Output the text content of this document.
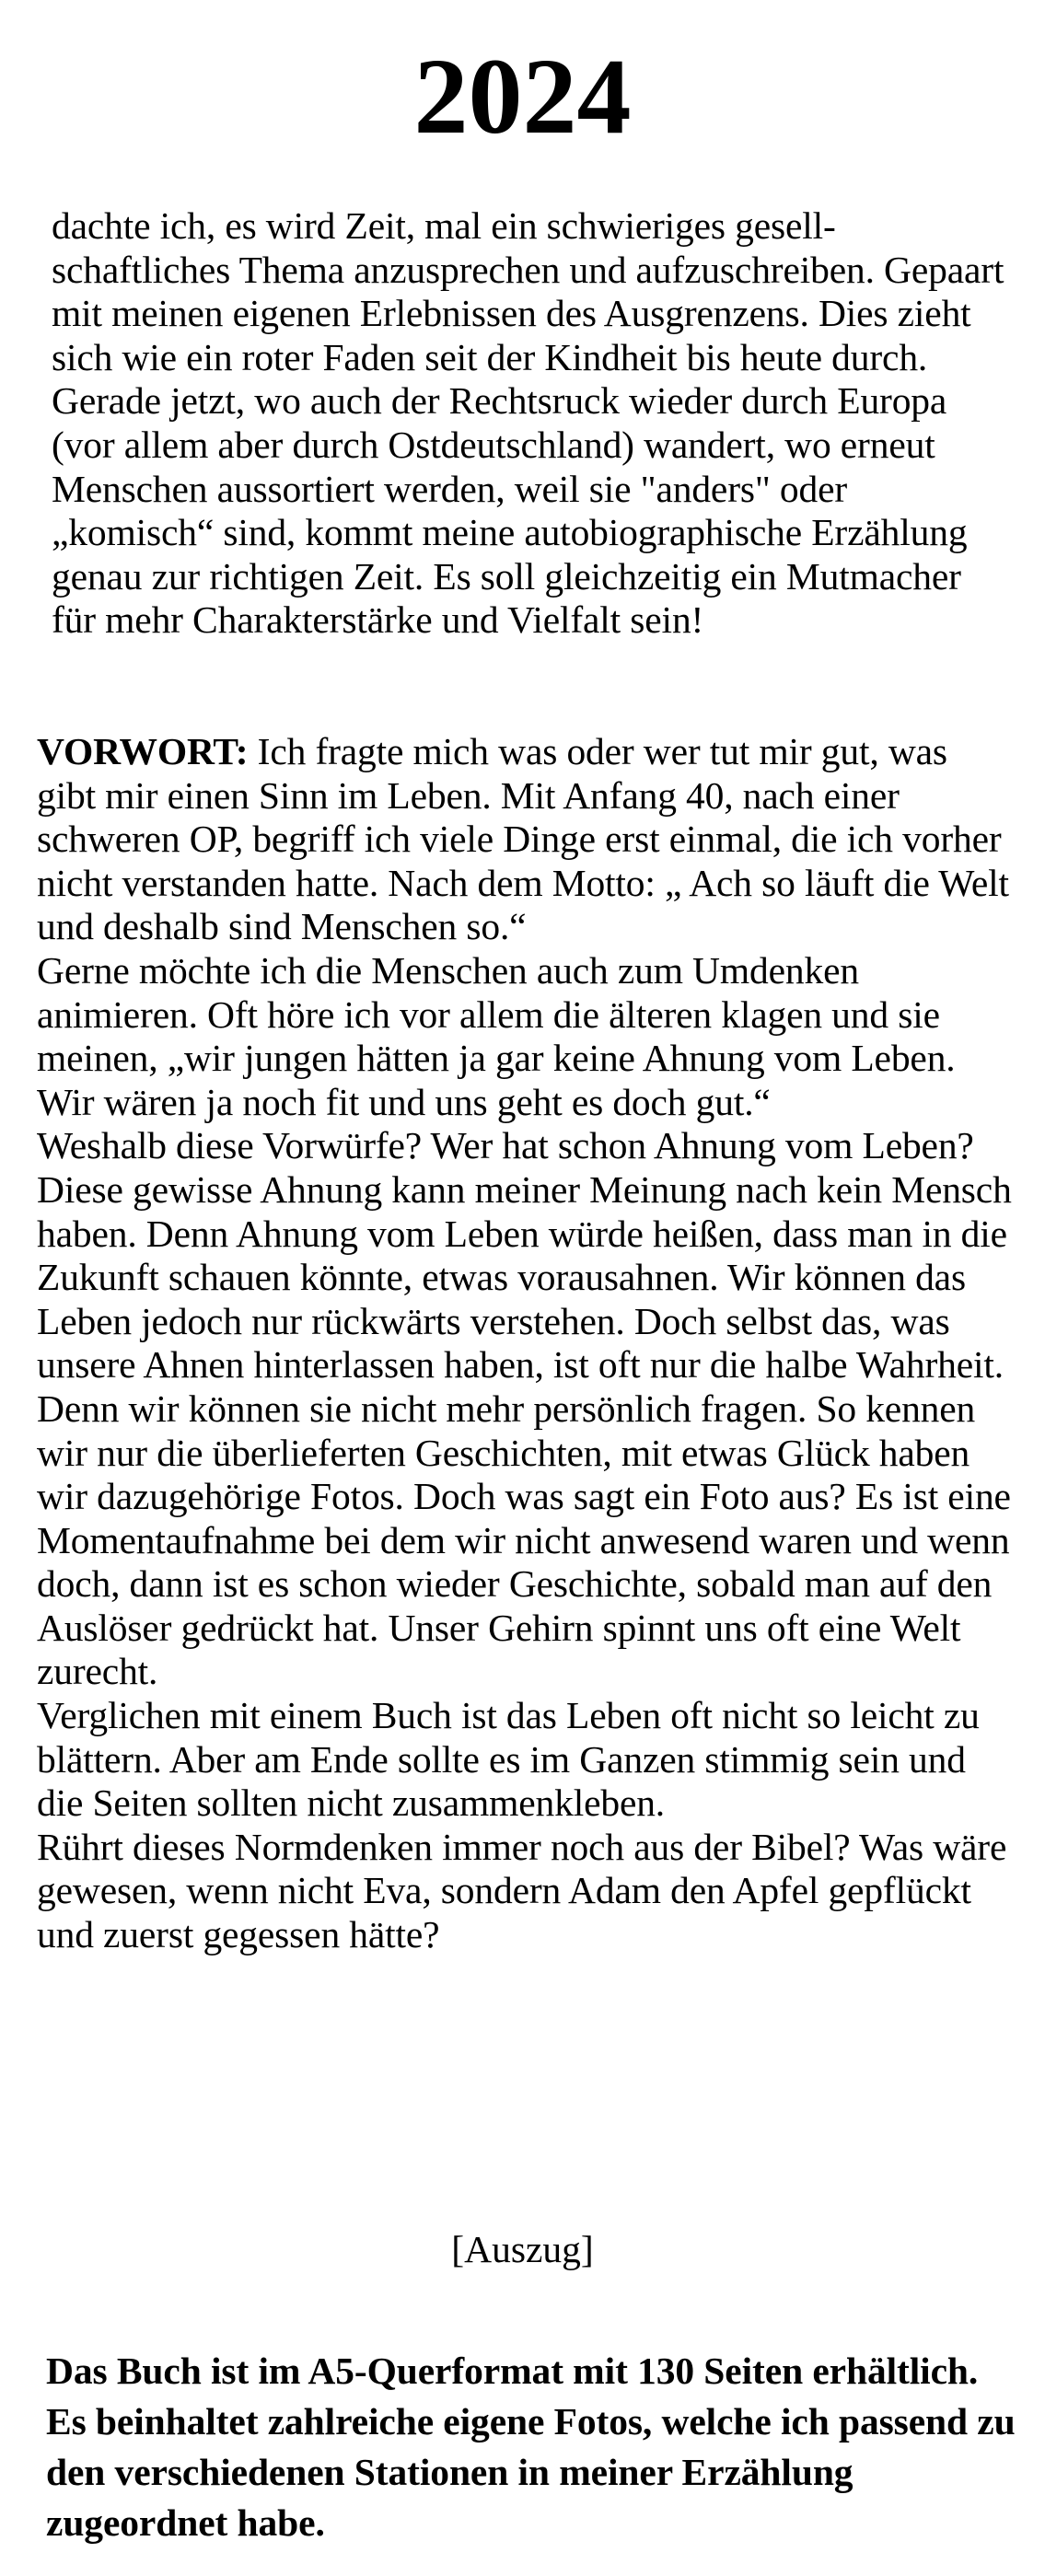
2024

dachte ich, es wird Zeit, mal ein schwieriges gesell-schaftliches Thema anzusprechen und aufzuschreiben. Gepaart mit meinen eigenen Erlebnissen des Ausgrenzens. Dies zieht sich wie ein roter Faden seit der Kindheit bis heute durch. Gerade jetzt, wo auch der Rechtsruck wieder durch Europa (vor allem aber durch Ostdeutschland) wandert, wo erneut Menschen aussortiert werden, weil sie "anders" oder „komisch“ sind, kommt meine autobiographische Erzählung genau zur richtigen Zeit. Es soll gleichzeitig ein Mutmacher für mehr Charakterstärke und Vielfalt sein!

VORWORT: Ich fragte mich was oder wer tut mir gut, was gibt mir einen Sinn im Leben. Mit Anfang 40, nach einer schweren OP, begriff ich viele Dinge erst einmal, die ich vorher nicht verstanden hatte. Nach dem Motto: „ Ach so läuft die Welt und deshalb sind Menschen so.“
Gerne möchte ich die Menschen auch zum Umdenken animieren. Oft höre ich vor allem die älteren klagen und sie meinen, „wir jungen hätten ja gar keine Ahnung vom Leben. Wir wären ja noch fit und uns geht es doch gut.“
Weshalb diese Vorwürfe? Wer hat schon Ahnung vom Leben? Diese gewisse Ahnung kann meiner Meinung nach kein Mensch haben. Denn Ahnung vom Leben würde heißen, dass man in die Zukunft schauen könnte, etwas vorausahnen. Wir können das Leben jedoch nur rückwärts verstehen. Doch selbst das, was unsere Ahnen hinterlassen haben, ist oft nur die halbe Wahrheit. Denn wir können sie nicht mehr persönlich fragen. So kennen wir nur die überlieferten Geschichten, mit etwas Glück haben wir dazugehörige Fotos. Doch was sagt ein Foto aus? Es ist eine Momentaufnahme bei dem wir nicht anwesend waren und wenn doch, dann ist es schon wieder Geschichte, sobald man auf den Auslöser gedrückt hat. Unser Gehirn spinnt uns oft eine Welt zurecht.
Verglichen mit einem Buch ist das Leben oft nicht so leicht zu blättern. Aber am Ende sollte es im Ganzen stimmig sein und die Seiten sollten nicht zusammenkleben.
Rührt dieses Normdenken immer noch aus der Bibel? Was wäre gewesen, wenn nicht Eva, sondern Adam den Apfel gepflückt und zuerst gegessen hätte?

[Auszug]

Das Buch ist im A5-Querformat mit 130 Seiten erhältlich. Es beinhaltet zahlreiche eigene Fotos, welche ich passend zu den verschiedenen Stationen in meiner Erzählung zugeordnet habe.
